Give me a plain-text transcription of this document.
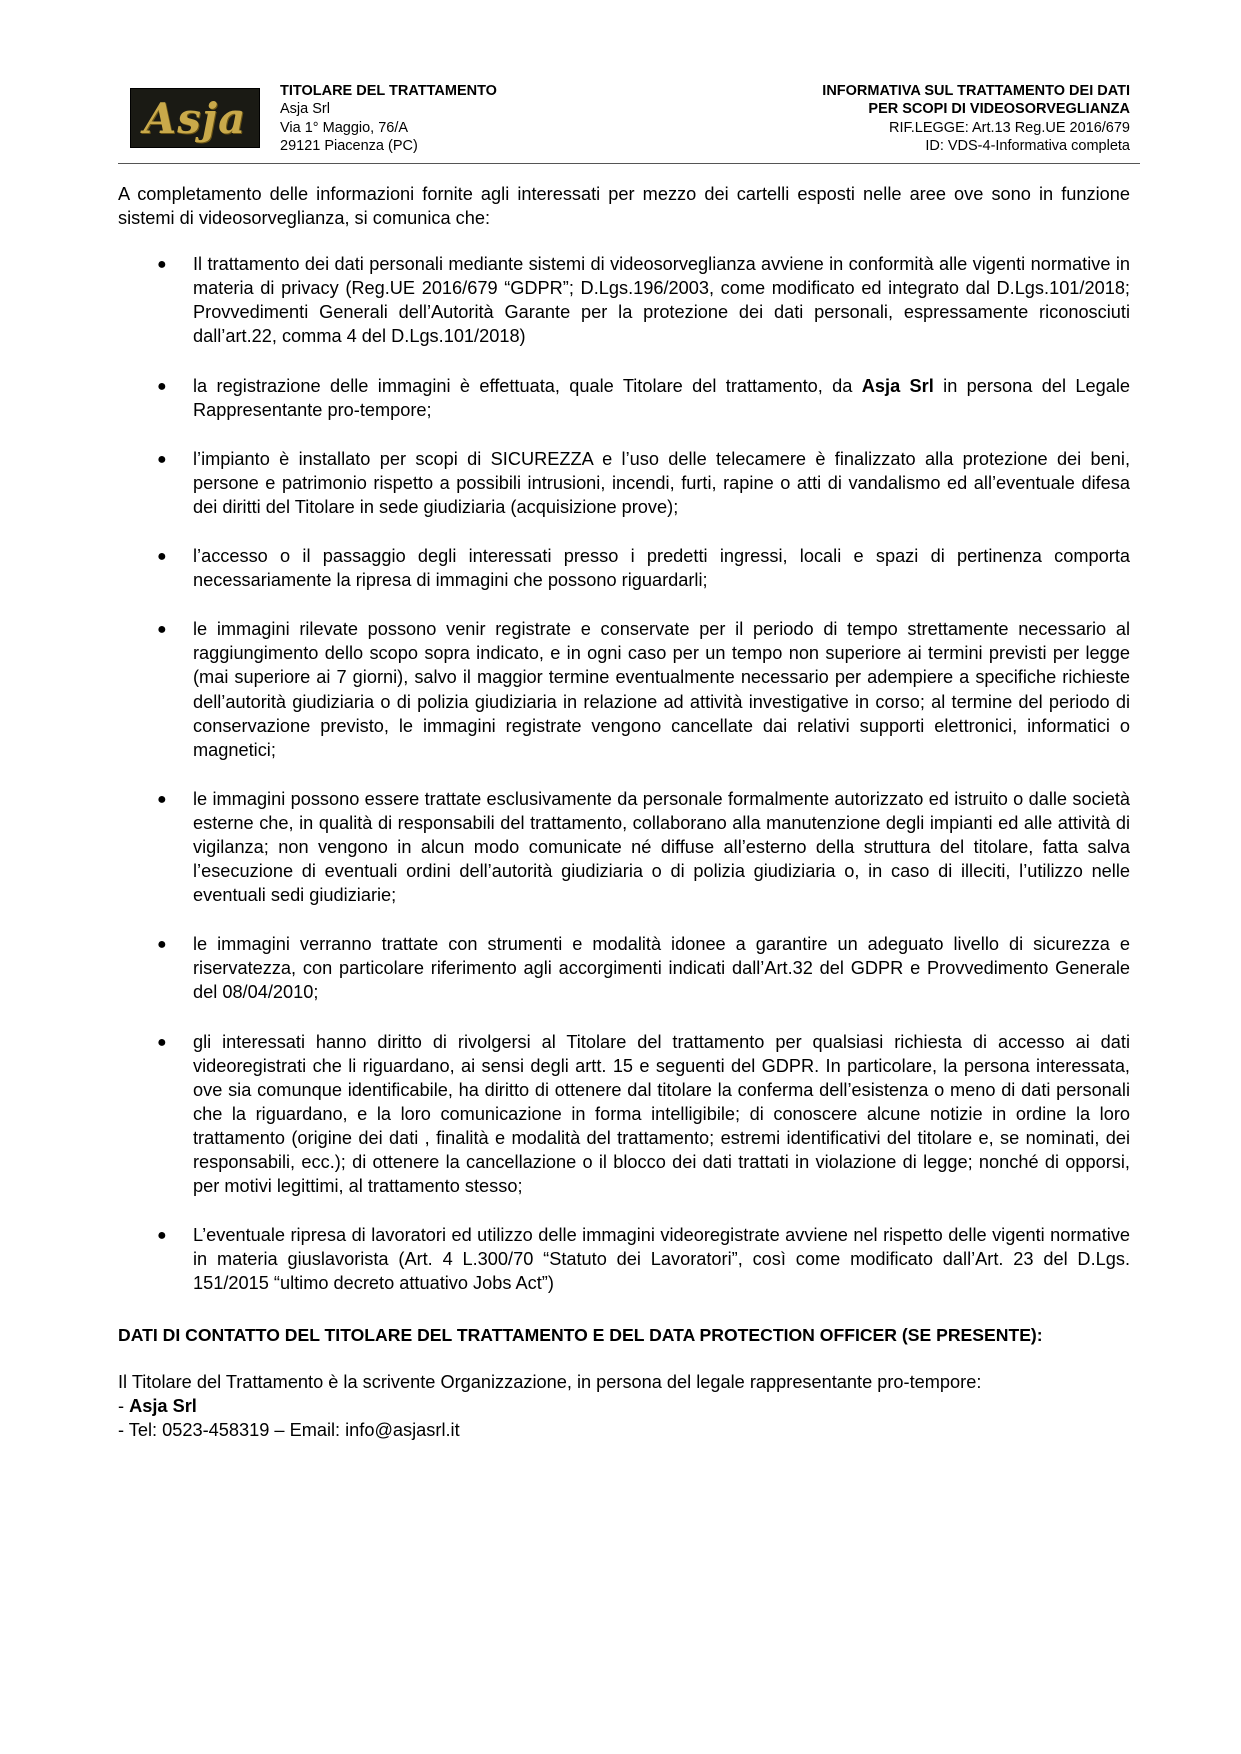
Asja
TITOLARE DEL TRATTAMENTO
Asja Srl
Via 1° Maggio, 76/A
29121 Piacenza (PC)
INFORMATIVA SUL TRATTAMENTO DEI DATI
PER SCOPI DI VIDEOSORVEGLIANZA
RIF.LEGGE: Art.13 Reg.UE 2016/679
ID: VDS-4-Informativa completa

A completamento delle informazioni fornite agli interessati per mezzo dei cartelli esposti nelle aree ove sono in funzione sistemi di videosorveglianza, si comunica che:

● Il trattamento dei dati personali mediante sistemi di videosorveglianza avviene in conformità alle vigenti normative in materia di privacy (Reg.UE 2016/679 “GDPR”; D.Lgs.196/2003, come modificato ed integrato dal D.Lgs.101/2018; Provvedimenti Generali dell’Autorità Garante per la protezione dei dati personali, espressamente riconosciuti dall’art.22, comma 4 del D.Lgs.101/2018)
● la registrazione delle immagini è effettuata, quale Titolare del trattamento, da Asja Srl in persona del Legale Rappresentante pro-tempore;
● l’impianto è installato per scopi di SICUREZZA e l’uso delle telecamere è finalizzato alla protezione dei beni, persone e patrimonio rispetto a possibili intrusioni, incendi, furti, rapine o atti di vandalismo ed all’eventuale difesa dei diritti del Titolare in sede giudiziaria (acquisizione prove);
● l’accesso o il passaggio degli interessati presso i predetti ingressi, locali e spazi di pertinenza comporta necessariamente la ripresa di immagini che possono riguardarli;
● le immagini rilevate possono venir registrate e conservate per il periodo di tempo strettamente necessario al raggiungimento dello scopo sopra indicato, e in ogni caso per un tempo non superiore ai termini previsti per legge (mai superiore ai 7 giorni), salvo il maggior termine eventualmente necessario per adempiere a specifiche richieste dell’autorità giudiziaria o di polizia giudiziaria in relazione ad attività investigative in corso; al termine del periodo di conservazione previsto, le immagini registrate vengono cancellate dai relativi supporti elettronici, informatici o magnetici;
● le immagini possono essere trattate esclusivamente da personale formalmente autorizzato ed istruito o dalle società esterne che, in qualità di responsabili del trattamento, collaborano alla manutenzione degli impianti ed alle attività di vigilanza; non vengono in alcun modo comunicate né diffuse all’esterno della struttura del titolare, fatta salva l’esecuzione di eventuali ordini dell’autorità giudiziaria o di polizia giudiziaria o, in caso di illeciti, l’utilizzo nelle eventuali sedi giudiziarie;
● le immagini verranno trattate con strumenti e modalità idonee a garantire un adeguato livello di sicurezza e riservatezza, con particolare riferimento agli accorgimenti indicati dall’Art.32 del GDPR e Provvedimento Generale del 08/04/2010;
● gli interessati hanno diritto di rivolgersi al Titolare del trattamento per qualsiasi richiesta di accesso ai dati videoregistrati che li riguardano, ai sensi degli artt. 15 e seguenti del GDPR. In particolare, la persona interessata, ove sia comunque identificabile, ha diritto di ottenere dal titolare la conferma dell’esistenza o meno di dati personali che la riguardano, e la loro comunicazione in forma intelligibile; di conoscere alcune notizie in ordine la loro trattamento (origine dei dati , finalità e modalità del trattamento; estremi identificativi del titolare e, se nominati, dei responsabili, ecc.); di ottenere la cancellazione o il blocco dei dati trattati in violazione di legge; nonché di opporsi, per motivi legittimi, al trattamento stesso;
● L’eventuale ripresa di lavoratori ed utilizzo delle immagini videoregistrate avviene nel rispetto delle vigenti normative in materia giuslavorista (Art. 4 L.300/70 “Statuto dei Lavoratori”, così come modificato dall’Art. 23 del D.Lgs. 151/2015 “ultimo decreto attuativo Jobs Act”)
DATI DI CONTATTO DEL TITOLARE DEL TRATTAMENTO E DEL DATA PROTECTION OFFICER (SE PRESENTE):
Il Titolare del Trattamento è la scrivente Organizzazione, in persona del legale rappresentante pro-tempore:
- Asja Srl
- Tel: 0523-458319 – Email: info@asjasrl.it
